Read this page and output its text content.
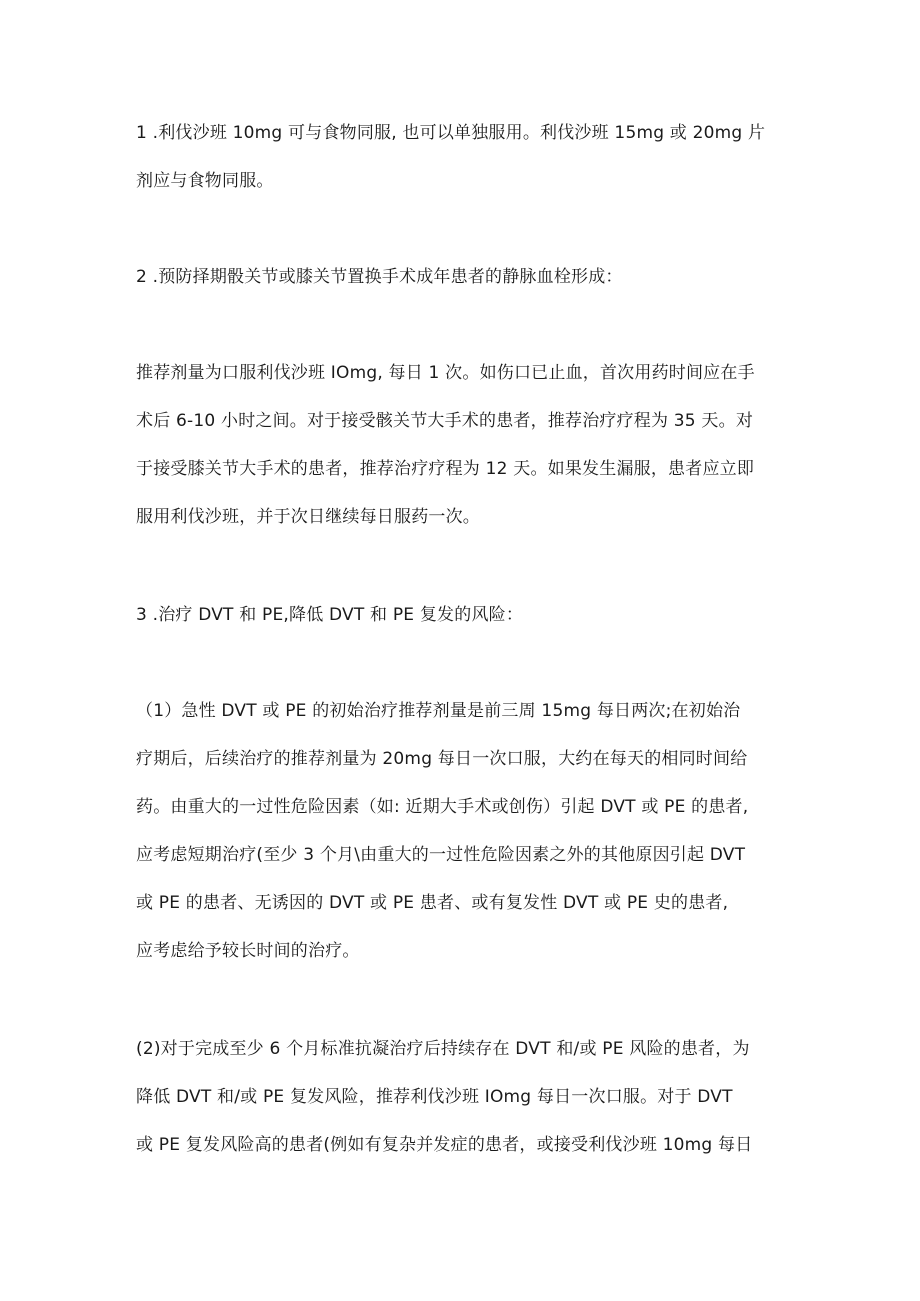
1 .利伐沙班 10mg 可与食物同服, 也可以单独服用。利伐沙班 15mg 或 20mg 片
剂应与食物同服。
2 .预防择期骰关节或膝关节置换手术成年患者的静脉血栓形成：
推荐剂量为口服利伐沙班 IOmg, 每日 1 次。如伤口已止血，首次用药时间应在手
术后 6-10 小时之间。对于接受骸关节大手术的患者，推荐治疗疗程为 35 天。对
于接受膝关节大手术的患者，推荐治疗疗程为 12 天。如果发生漏服，患者应立即
服用利伐沙班，并于次日继续每日服药一次。
3 .治疗 DVT 和 PE,降低 DVT 和 PE 复发的风险：
（1）急性 DVT 或 PE 的初始治疗推荐剂量是前三周 15mg 每日两次;在初始治
疗期后，后续治疗的推荐剂量为 20mg 每日一次口服，大约在每天的相同时间给
药。由重大的一过性危险因素（如: 近期大手术或创伤）引起 DVT 或 PE 的患者,
应考虑短期治疗(至少 3 个月\由重大的一过性危险因素之外的其他原因引起 DVT
或 PE 的患者、无诱因的 DVT 或 PE 患者、或有复发性 DVT 或 PE 史的患者,
应考虑给予较长时间的治疗。
(2)对于完成至少 6 个月标准抗凝治疗后持续存在 DVT 和/或 PE 风险的患者，为
降低 DVT 和/或 PE 复发风险，推荐利伐沙班 IOmg 每日一次口服。对于 DVT
或 PE 复发风险高的患者(例如有复杂并发症的患者，或接受利伐沙班 10mg 每日
